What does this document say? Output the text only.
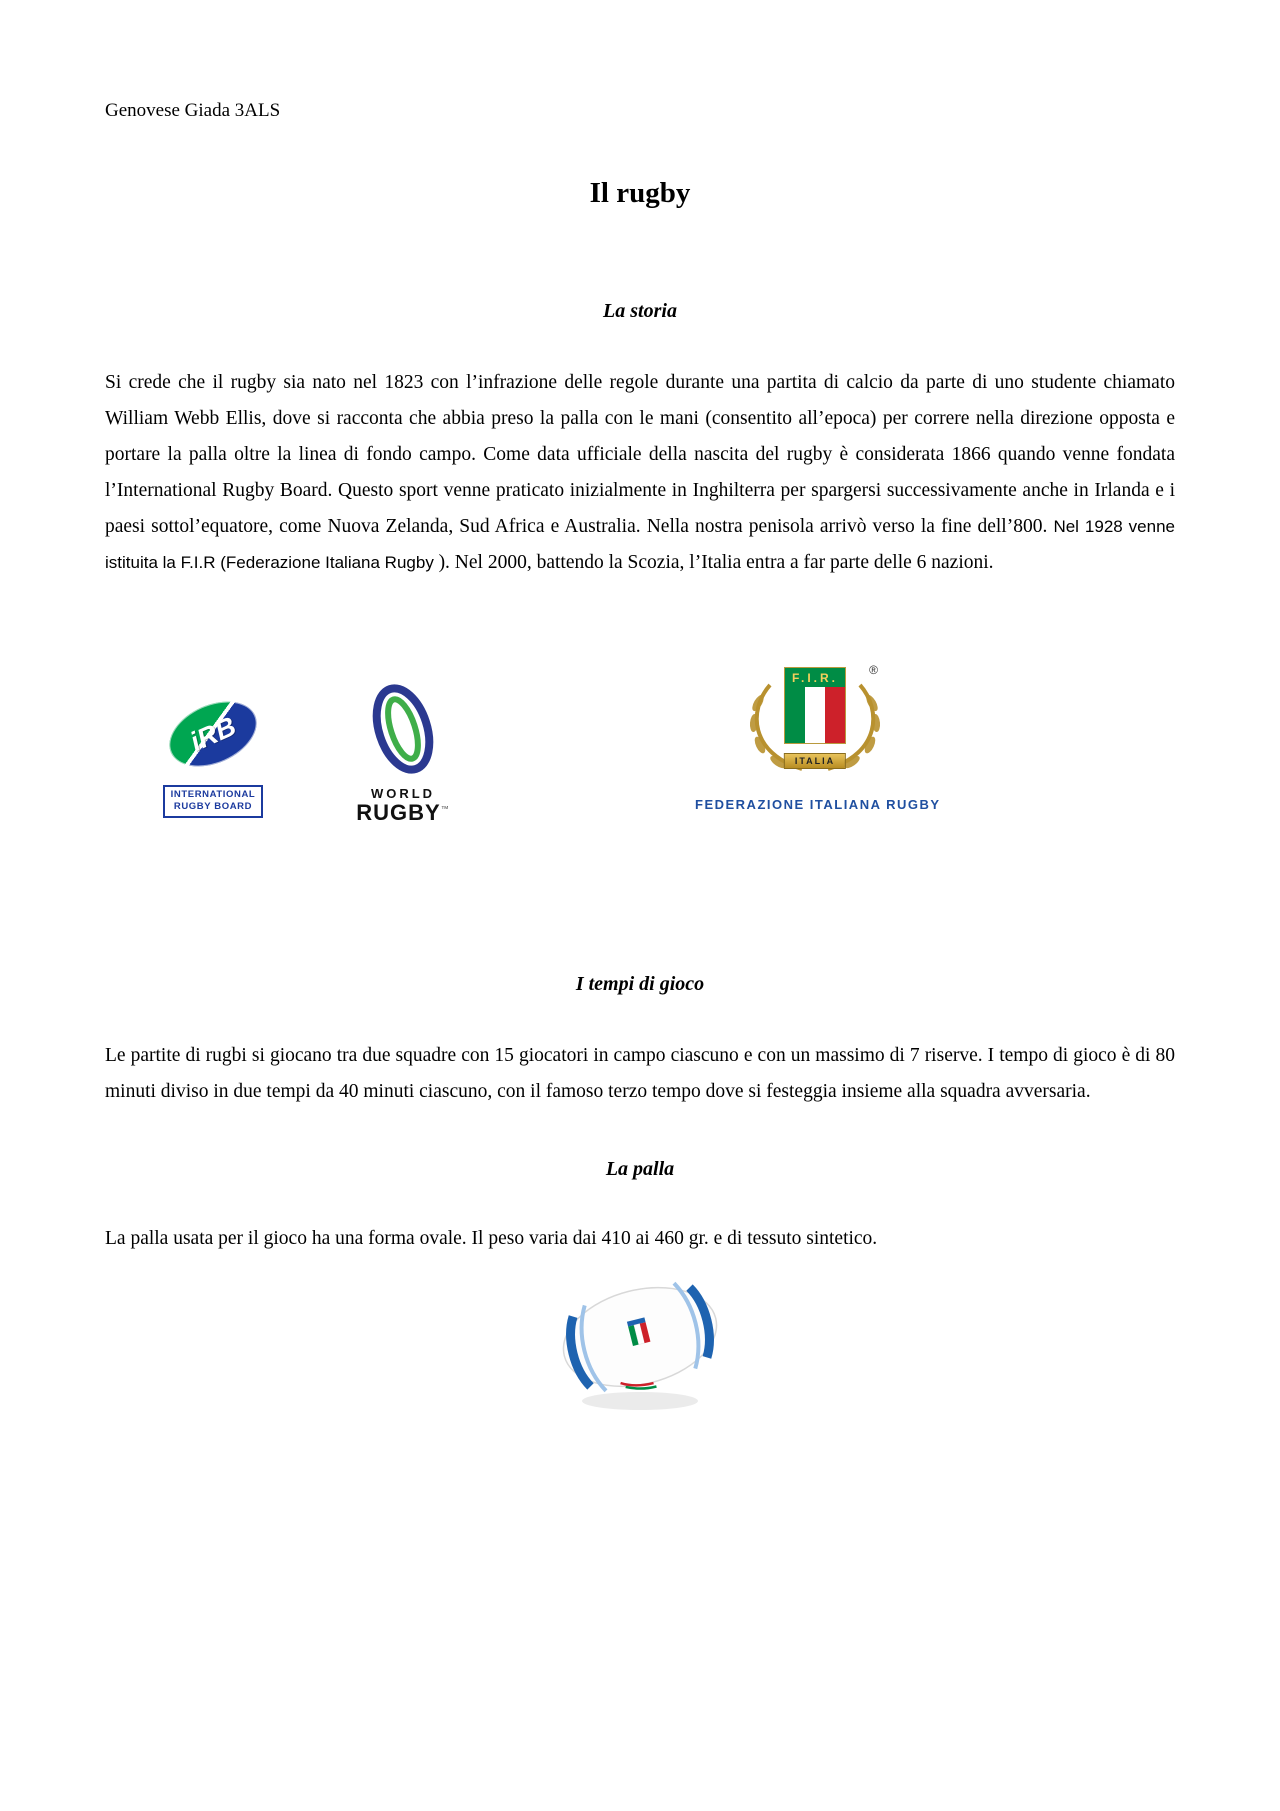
Genovese Giada 3ALS
Il rugby
La storia

Si crede che il rugby sia nato nel 1823 con l’infrazione delle regole durante una partita di calcio da parte di uno studente chiamato William Webb Ellis, dove si racconta che abbia preso la palla con le mani (consentito all’epoca) per correre nella direzione opposta e portare la palla oltre la linea di fondo campo. Come data ufficiale della nascita del rugby è considerata 1866 quando venne fondata l’International Rugby Board. Questo sport venne praticato inizialmente in Inghilterra per spargersi successivamente anche in Irlanda e i paesi sottol’equatore, come Nuova Zelanda, Sud Africa e Australia. Nella nostra penisola arrivò verso la fine dell’800. Nel 1928 venne istituita la F.I.R (Federazione Italiana Rugby ). Nel 2000, battendo la Scozia, l’Italia entra a far parte delle 6 nazioni.

iRB
INTERNATIONAL
RUGBY BOARD
WORLD
RUGBY™
F.I.R.
ITALIA
®
FEDERAZIONE ITALIANA RUGBY
I tempi di gioco

Le partite di rugbi si giocano tra due squadre con 15 giocatori in campo ciascuno e con un massimo di 7 riserve. I tempo di gioco è di 80 minuti diviso in due tempi da 40 minuti ciascuno, con il famoso terzo tempo dove si festeggia insieme alla squadra avversaria.

La palla

La palla usata per il gioco ha una forma ovale. Il peso varia dai 410 ai 460 gr. e di tessuto sintetico.
